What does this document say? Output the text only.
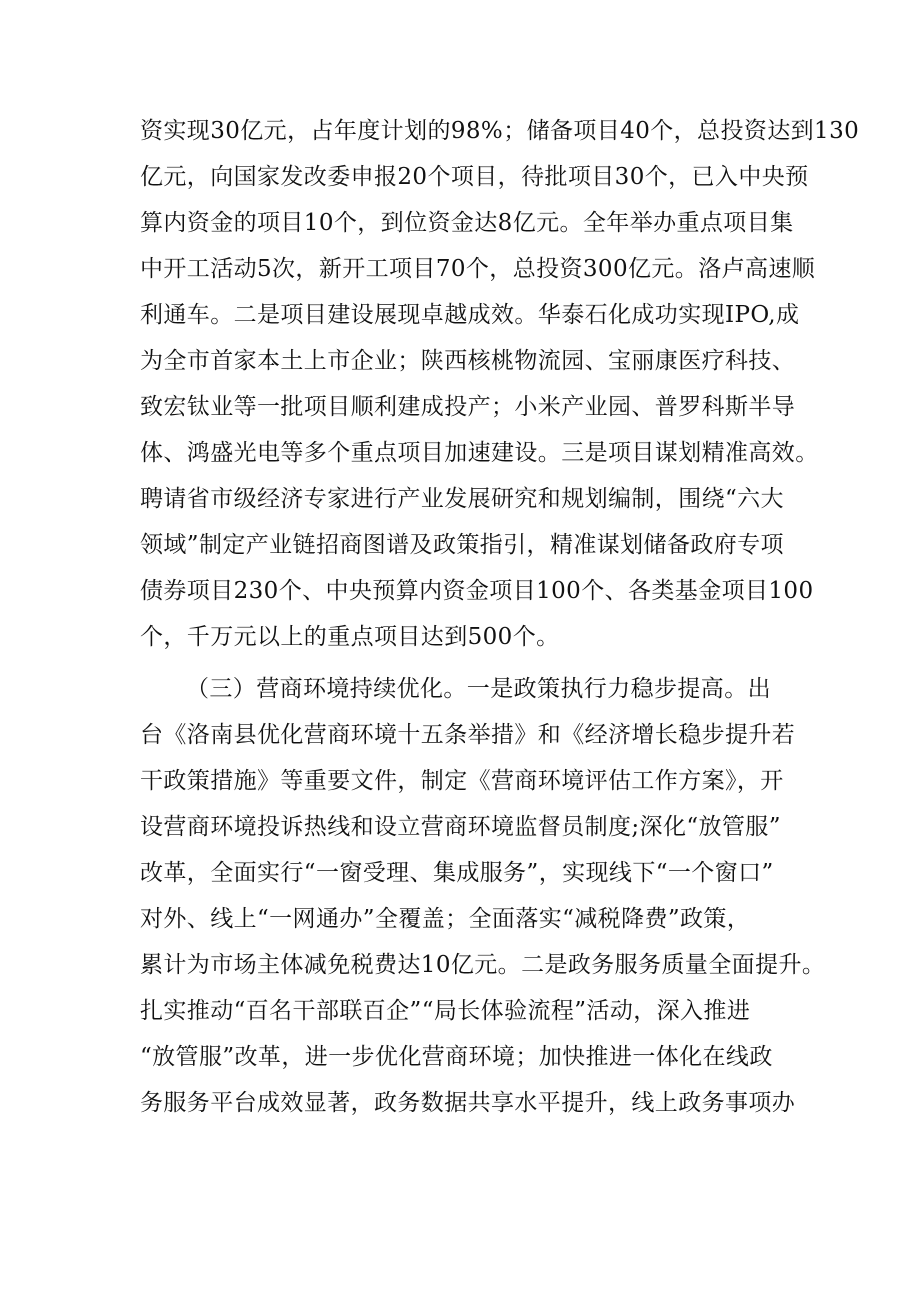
资实现30亿元，占年度计划的98%；储备项目40个，总投资达到130
亿元，向国家发改委申报20个项目，待批项目30个，已入中央预
算内资金的项目10个，到位资金达8亿元。全年举办重点项目集
中开工活动5次，新开工项目70个，总投资300亿元。洛卢高速顺
利通车。二是项目建设展现卓越成效。华泰石化成功实现IPO,成
为全市首家本土上市企业；陕西核桃物流园、宝丽康医疗科技、
致宏钛业等一批项目顺利建成投产；小米产业园、普罗科斯半导
体、鸿盛光电等多个重点项目加速建设。三是项目谋划精准高效。
聘请省市级经济专家进行产业发展研究和规划编制，围绕“六大
领域”制定产业链招商图谱及政策指引，精准谋划储备政府专项
债券项目230个、中央预算内资金项目100个、各类基金项目100
个，千万元以上的重点项目达到500个。
（三）营商环境持续优化。一是政策执行力稳步提高。出
台《洛南县优化营商环境十五条举措》和《经济增长稳步提升若
干政策措施》等重要文件，制定《营商环境评估工作方案》，开
设营商环境投诉热线和设立营商环境监督员制度;深化“放管服”
改革，全面实行“一窗受理、集成服务”，实现线下“一个窗口”
对外、线上“一网通办”全覆盖；全面落实“减税降费”政策，
累计为市场主体减免税费达10亿元。二是政务服务质量全面提升。
扎实推动“百名干部联百企”“局长体验流程”活动，深入推进
“放管服”改革，进一步优化营商环境；加快推进一体化在线政
务服务平台成效显著，政务数据共享水平提升，线上政务事项办
